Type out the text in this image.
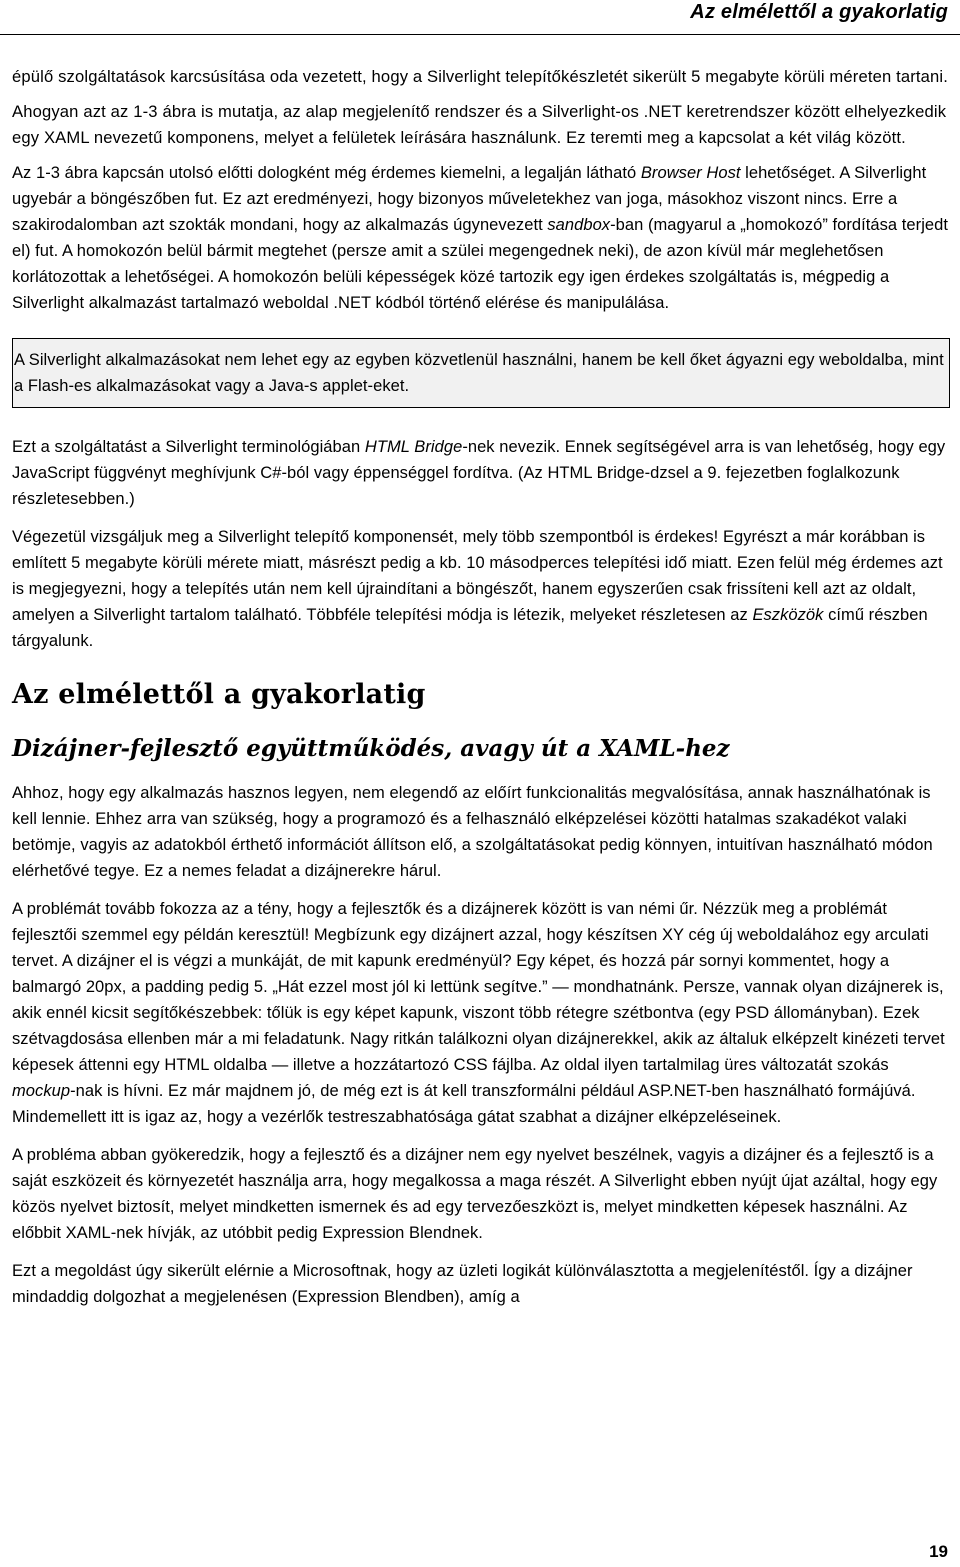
Az elmélettől a gyakorlatig

épülő szolgáltatások karcsúsítása oda vezetett, hogy a Silverlight telepítőkészletét sikerült 5 megabyte körüli méreten tartani.

Ahogyan azt az 1-3 ábra is mutatja, az alap megjelenítő rendszer és a Silverlight-os .NET keretrendszer között elhelyezkedik egy XAML nevezetű komponens, melyet a felületek leírására használunk. Ez teremti meg a kapcsolat a két világ között.

Az 1-3 ábra kapcsán utolsó előtti dologként még érdemes kiemelni, a legalján látható Browser Host lehetőséget. A Silverlight ugyebár a böngészőben fut. Ez azt eredményezi, hogy bizonyos műveletekhez van joga, másokhoz viszont nincs. Erre a szakirodalomban azt szokták mondani, hogy az alkalmazás úgynevezett sandbox-ban (magyarul a „homokozó” fordítása terjedt el) fut. A homokozón belül bármit megtehet (persze amit a szülei megengednek neki), de azon kívül már meglehetősen korlátozottak a lehetőségei. A homokozón belüli képességek közé tartozik egy igen érdekes szolgáltatás is, mégpedig a Silverlight alkalmazást tartalmazó weboldal .NET kódból történő elérése és manipulálása.

A Silverlight alkalmazásokat nem lehet egy az egyben közvetlenül használni, hanem be kell őket ágyazni egy weboldalba, mint a Flash-es alkalmazásokat vagy a Java-s applet-eket.

Ezt a szolgáltatást a Silverlight terminológiában HTML Bridge-nek nevezik. Ennek segítségével arra is van lehetőség, hogy egy JavaScript függvényt meghívjunk C#-ból vagy éppenséggel fordítva. (Az HTML Bridge-dzsel a 9. fejezetben foglalkozunk részletesebben.)

Végezetül vizsgáljuk meg a Silverlight telepítő komponensét, mely több szempontból is érdekes! Egyrészt a már korábban is említett 5 megabyte körüli mérete miatt, másrészt pedig a kb. 10 másodperces telepítési idő miatt. Ezen felül még érdemes azt is megjegyezni, hogy a telepítés után nem kell újraindítani a böngészőt, hanem egyszerűen csak frissíteni kell azt az oldalt, amelyen a Silverlight tartalom található. Többféle telepítési módja is létezik, melyeket részletesen az Eszközök című részben tárgyalunk.

Az elmélettől a gyakorlatig
Dizájner-fejlesztő együttműködés, avagy út a XAML-hez

Ahhoz, hogy egy alkalmazás hasznos legyen, nem elegendő az előírt funkcionalitás megvalósítása, annak használhatónak is kell lennie. Ehhez arra van szükség, hogy a programozó és a felhasználó elképzelései közötti hatalmas szakadékot valaki betömje, vagyis az adatokból érthető információt állítson elő, a szolgáltatásokat pedig könnyen, intuitívan használható módon elérhetővé tegye. Ez a nemes feladat a dizájnerekre hárul.

A problémát tovább fokozza az a tény, hogy a fejlesztők és a dizájnerek között is van némi űr. Nézzük meg a problémát fejlesztői szemmel egy példán keresztül! Megbízunk egy dizájnert azzal, hogy készítsen XY cég új weboldalához egy arculati tervet. A dizájner el is végzi a munkáját, de mit kapunk eredményül? Egy képet, és hozzá pár sornyi kommentet, hogy a balmargó 20px, a padding pedig 5. „Hát ezzel most jól ki lettünk segítve.” — mondhatnánk. Persze, vannak olyan dizájnerek is, akik ennél kicsit segítőkészebbek: tőlük is egy képet kapunk, viszont több rétegre szétbontva (egy PSD állományban). Ezek szétvagdosása ellenben már a mi feladatunk. Nagy ritkán találkozni olyan dizájnerekkel, akik az általuk elképzelt kinézeti tervet képesek áttenni egy HTML oldalba — illetve a hozzátartozó CSS fájlba. Az oldal ilyen tartalmilag üres változatát szokás mockup-nak is hívni. Ez már majdnem jó, de még ezt is át kell transzformálni például ASP.NET-ben használható formájúvá. Mindemellett itt is igaz az, hogy a vezérlők testreszabhatósága gátat szabhat a dizájner elképzeléseinek.

A probléma abban gyökeredzik, hogy a fejlesztő és a dizájner nem egy nyelvet beszélnek, vagyis a dizájner és a fejlesztő is a saját eszközeit és környezetét használja arra, hogy megalkossa a maga részét. A Silverlight ebben nyújt újat azáltal, hogy egy közös nyelvet biztosít, melyet mindketten ismernek és ad egy tervezőeszközt is, melyet mindketten képesek használni. Az előbbit XAML-nek hívják, az utóbbit pedig Expression Blendnek.

Ezt a megoldást úgy sikerült elérnie a Microsoftnak, hogy az üzleti logikát különválasztotta a megjelenítéstől. Így a dizájner mindaddig dolgozhat a megjelenésen (Expression Blendben), amíg a

19
